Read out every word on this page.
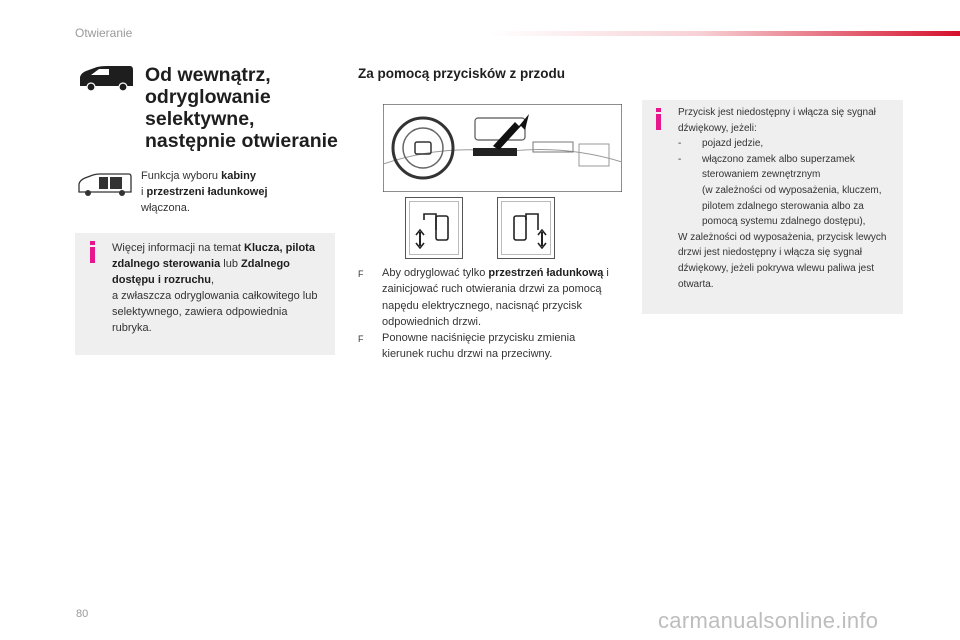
Otwieranie
Od wewnątrz, odryglowanie selektywne, następnie otwieranie
Funkcja wyboru kabiny
i przestrzeni ładunkowej
włączona.
Więcej informacji na temat Klucza, pilota zdalnego sterowania lub Zdalnego dostępu i rozruchu,
a zwłaszcza odryglowania całkowitego lub selektywnego, zawiera odpowiednia rubryka.
Za pomocą przycisków z przodu
F	Aby odryglować tylko przestrzeń ładunkową i zainicjować ruch otwierania drzwi za pomocą napędu elektrycznego, nacisnąć przycisk odpowiednich drzwi.
F	Ponowne naciśnięcie przycisku zmienia kierunek ruchu drzwi na przeciwny.
Przycisk jest niedostępny i włącza się sygnał dźwiękowy, jeżeli:
-	pojazd jedzie,
-	włączono zamek albo superzamek sterowaniem zewnętrznym
(w zależności od wyposażenia, kluczem, pilotem zdalnego sterowania albo za pomocą systemu zdalnego dostępu),
W zależności od wyposażenia, przycisk lewych drzwi jest niedostępny i włącza się sygnał dźwiękowy, jeżeli pokrywa wlewu paliwa jest otwarta.
80	carmanualsonline.info
